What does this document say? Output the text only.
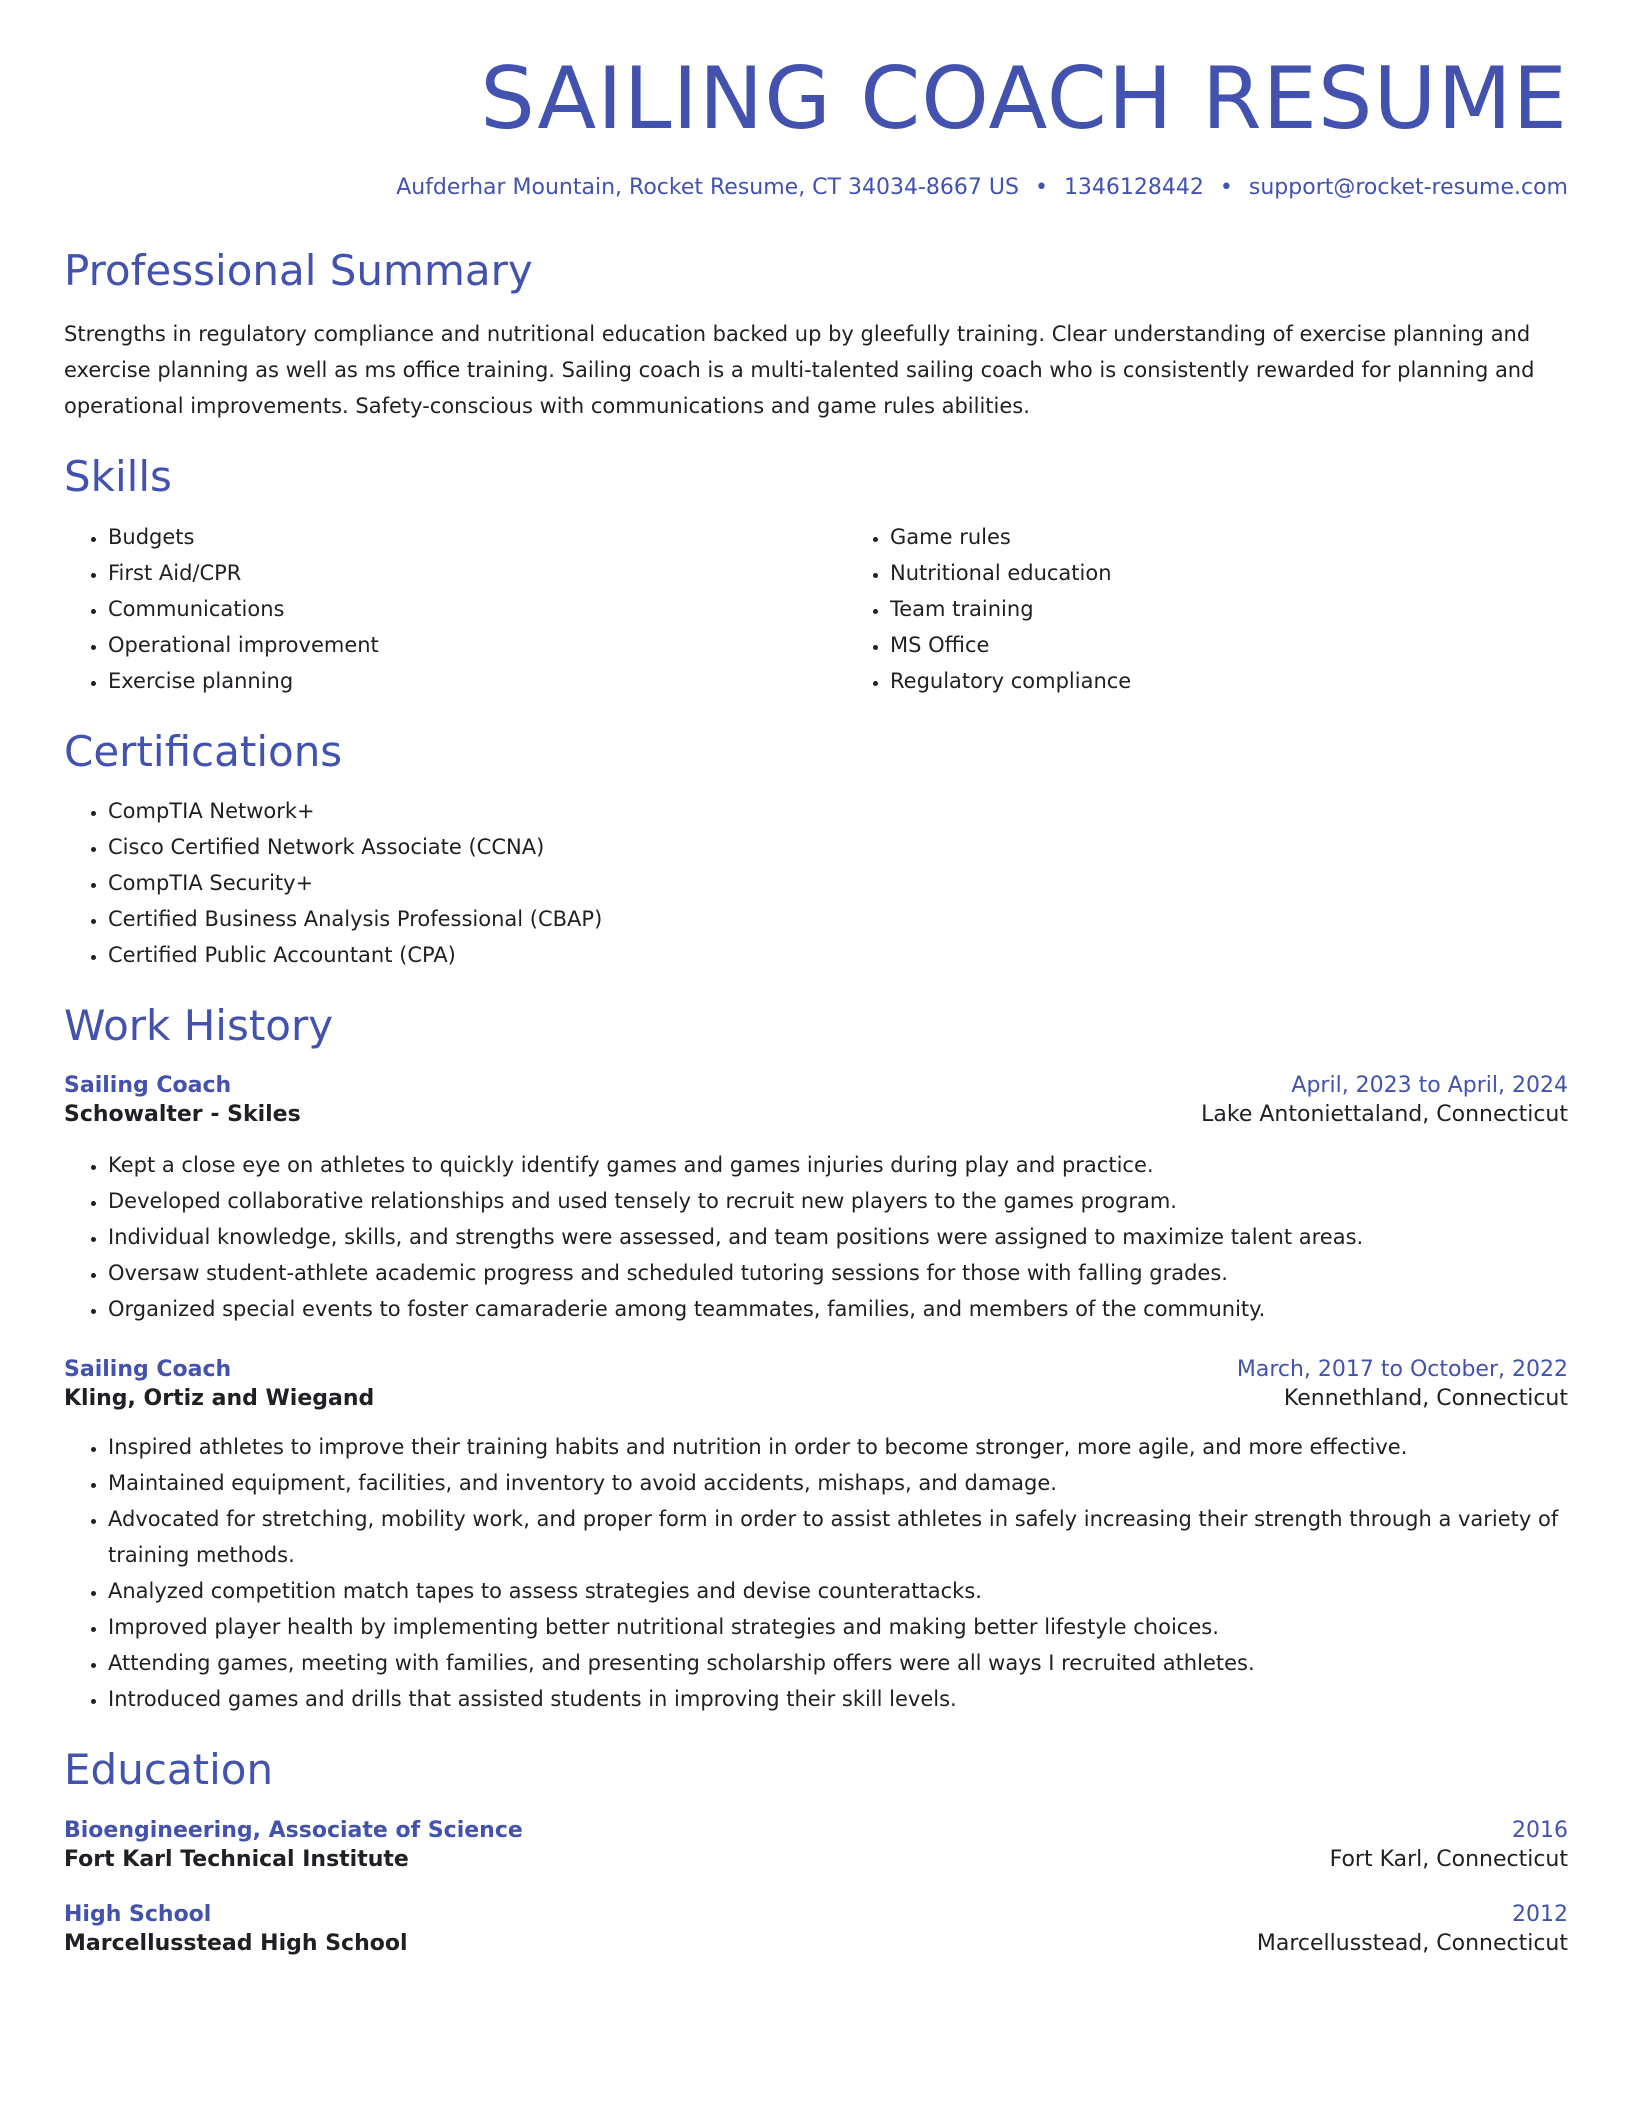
SAILING COACH RESUME
Aufderhar Mountain, Rocket Resume, CT 34034-8667 US • 1346128442 • support@rocket-resume.com
Professional Summary

Strengths in regulatory compliance and nutritional education backed up by gleefully training. Clear understanding of exercise planning and exercise planning as well as ms office training. Sailing coach is a multi-talented sailing coach who is consistently rewarded for planning and operational improvements. Safety-conscious with communications and game rules abilities.

Skills
• Budgets
• First Aid/CPR
• Communications
• Operational improvement
• Exercise planning
• Game rules
• Nutritional education
• Team training
• MS Office
• Regulatory compliance
Certifications
• CompTIA Network+
• Cisco Certified Network Associate (CCNA)
• CompTIA Security+
• Certified Business Analysis Professional (CBAP)
• Certified Public Accountant (CPA)
Work History
Sailing Coach	April, 2023 to April, 2024
Schowalter - Skiles	Lake Antoniettaland, Connecticut
• Kept a close eye on athletes to quickly identify games and games injuries during play and practice.
• Developed collaborative relationships and used tensely to recruit new players to the games program.
• Individual knowledge, skills, and strengths were assessed, and team positions were assigned to maximize talent areas.
• Oversaw student-athlete academic progress and scheduled tutoring sessions for those with falling grades.
• Organized special events to foster camaraderie among teammates, families, and members of the community.
Sailing Coach	March, 2017 to October, 2022
Kling, Ortiz and Wiegand	Kennethland, Connecticut
• Inspired athletes to improve their training habits and nutrition in order to become stronger, more agile, and more effective.
• Maintained equipment, facilities, and inventory to avoid accidents, mishaps, and damage.
• Advocated for stretching, mobility work, and proper form in order to assist athletes in safely increasing their strength through a variety of training methods.
• Analyzed competition match tapes to assess strategies and devise counterattacks.
• Improved player health by implementing better nutritional strategies and making better lifestyle choices.
• Attending games, meeting with families, and presenting scholarship offers were all ways I recruited athletes.
• Introduced games and drills that assisted students in improving their skill levels.
Education
Bioengineering, Associate of Science	2016
Fort Karl Technical Institute	Fort Karl, Connecticut
High School	2012
Marcellusstead High School	Marcellusstead, Connecticut
